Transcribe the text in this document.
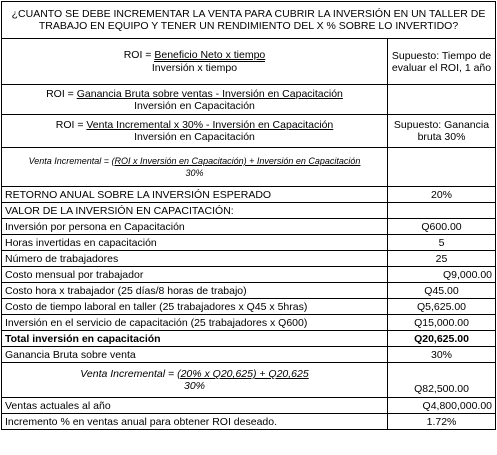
¿CUANTO SE DEBE INCREMENTAR LA VENTA PARA CUBRIR LA INVERSIÓN EN UN TALLER DE TRABAJO EN EQUIPO Y TENER UN RENDIMIENTO DEL X % SOBRE LO INVERTIDO?	

ROI = Beneficio Neto x tiempo
Inversión x tiempo	Supuesto: Tiempo de evaluar el ROI, 1 año

ROI = Ganancia Bruta sobre ventas - Inversión en Capacitación
Inversión en Capacitación	

ROI = Venta Incremental x 30% - Inversión en Capacitación
Inversión en Capacitación	Supuesto: Ganancia bruta 30%

Venta Incremental = (ROI x Inversión en Capacitación) + Inversión en Capacitación
30%	
RETORNO ANUAL SOBRE LA INVERSIÓN ESPERADO	20%
VALOR DE LA INVERSIÓN EN CAPACITACIÓN:	
Inversión por persona en Capacitación	Q600.00
Horas invertidas en capacitación	5
Número de trabajadores	25
Costo mensual por trabajador	Q9,000.00
Costo hora x trabajador (25 días/8 horas de trabajo)	Q45.00
Costo de tiempo laboral en taller (25 trabajadores x Q45 x 5hras)	Q5,625.00
Inversión en el servicio de capacitación (25 trabajadores x Q600)	Q15,000.00
Total inversión en capacitación	Q20,625.00
Ganancia Bruta sobre venta	30%

Venta Incremental = (20% x Q20,625) + Q20,625
30%	Q82,500.00
Ventas actuales al año	Q4,800,000.00
Incremento % en ventas anual para obtener ROI deseado.	1.72%
